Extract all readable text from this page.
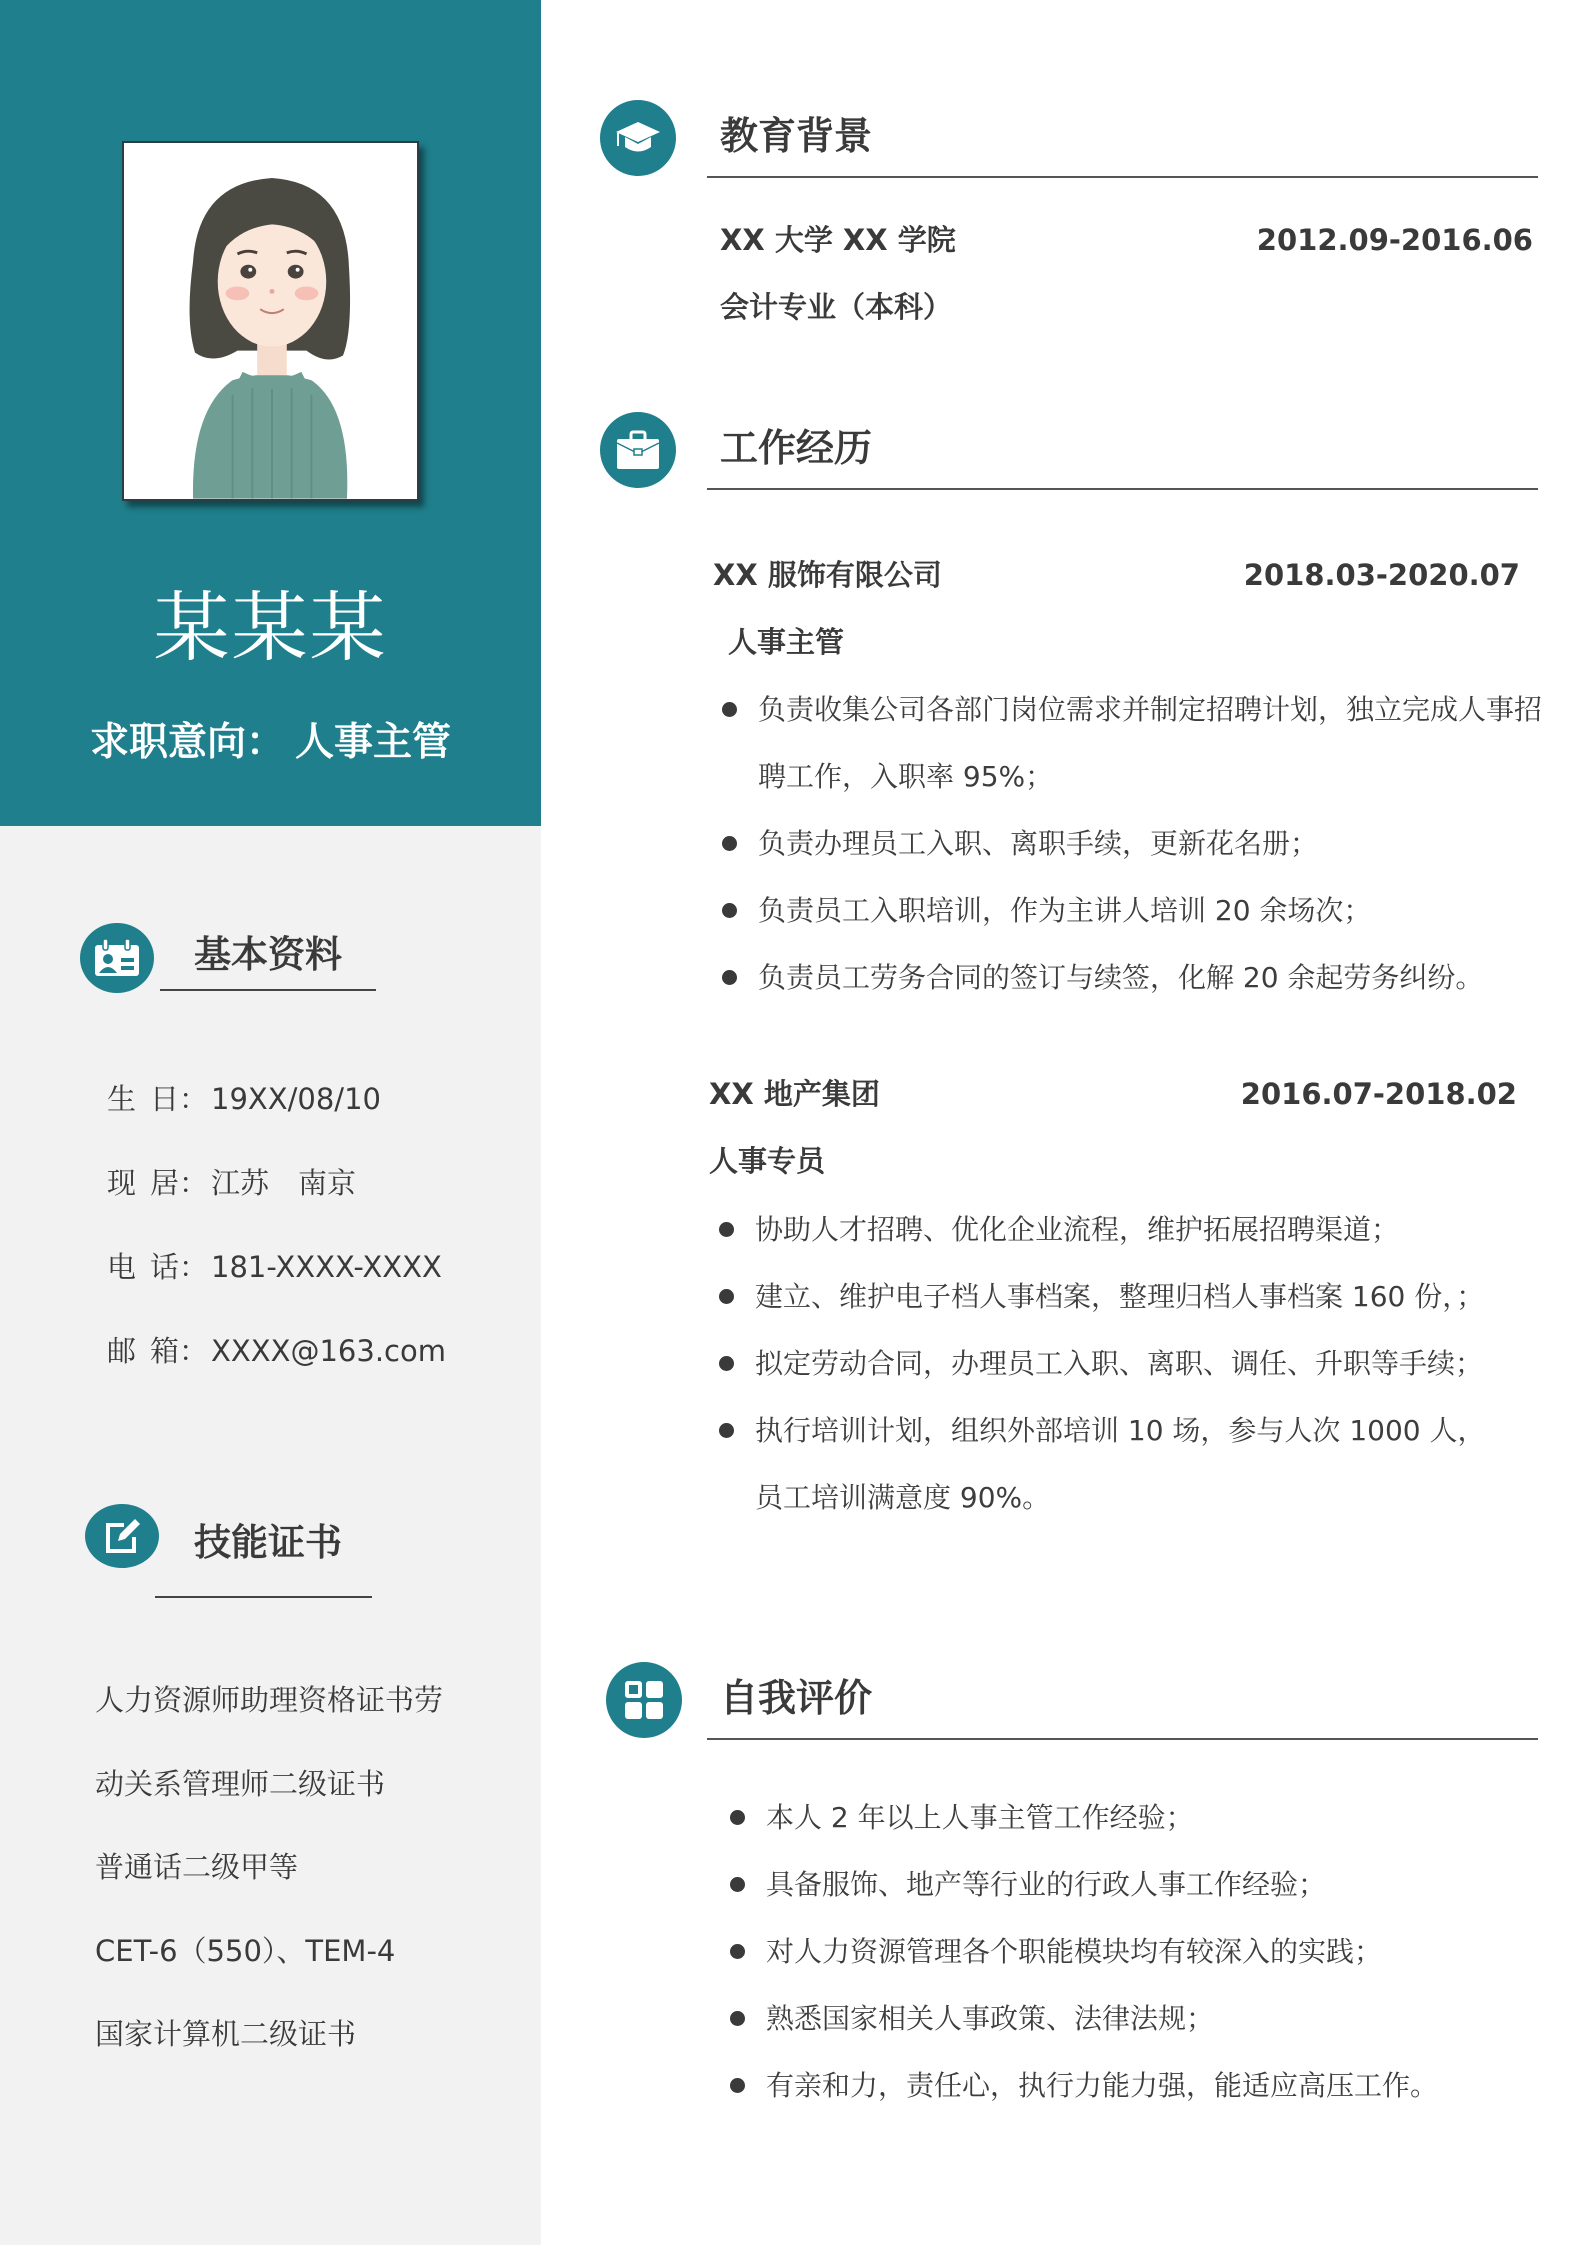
某某某
求职意向： 人事主管
基本资料
生 日： 19XX/08/10
现 居： 江苏　南京
电 话： 181-XXXX-XXXX
邮 箱： XXXX@163.com
技能证书
人力资源师助理资格证书劳
动关系管理师二级证书
普通话二级甲等
CET-6（550）、TEM-4
国家计算机二级证书
教育背景
XX 大学 XX 学院	2012.09-2016.06
会计专业（本科）
工作经历
XX 服饰有限公司	2018.03-2020.07
人事主管
负责收集公司各部门岗位需求并制定招聘计划，独立完成人事招聘工作，入职率 95%；
负责办理员工入职、离职手续，更新花名册；
负责员工入职培训，作为主讲人培训 20 余场次；
负责员工劳务合同的签订与续签，化解 20 余起劳务纠纷。
XX 地产集团	2016.07-2018.02
人事专员
协助人才招聘、优化企业流程，维护拓展招聘渠道；
建立、维护电子档人事档案，整理归档人事档案 160 份，；
拟定劳动合同，办理员工入职、离职、调任、升职等手续；
执行培训计划，组织外部培训 10 场，参与人次 1000 人，员工培训满意度 90%。
自我评价
本人 2 年以上人事主管工作经验；
具备服饰、地产等行业的行政人事工作经验；
对人力资源管理各个职能模块均有较深入的实践；
熟悉国家相关人事政策、法律法规；
有亲和力，责任心，执行力能力强，能适应高压工作。
